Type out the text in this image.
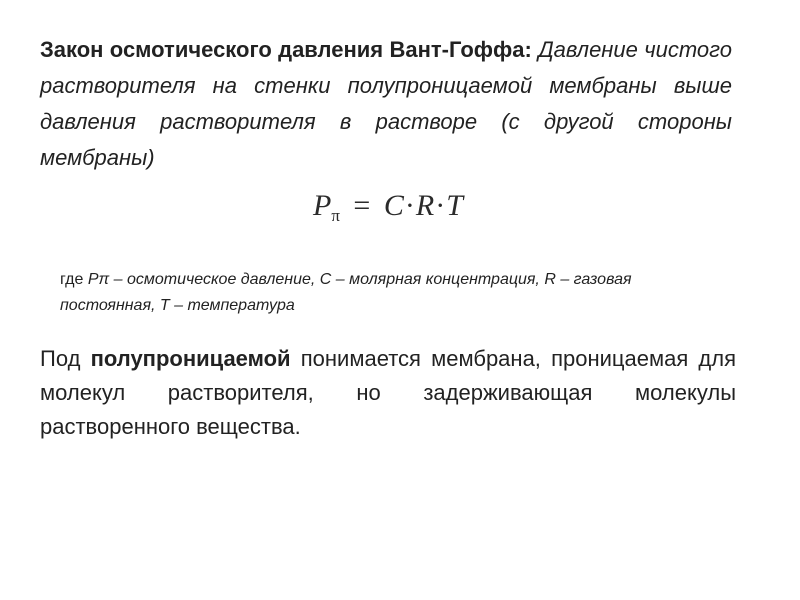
Закон осмотического давления Вант-Гоффа: Давление чистого растворителя на стенки полупроницаемой мембраны выше давления растворителя в растворе (с другой стороны мембраны)

$P_\pi = C\cdot R\cdot T$

где Pπ – осмотическое давление, C – молярная концентрация, R – газовая постоянная, T – температура

Под полупроницаемой понимается мембрана, проницаемая для молекул растворителя, но задерживающая молекулы растворенного вещества.
